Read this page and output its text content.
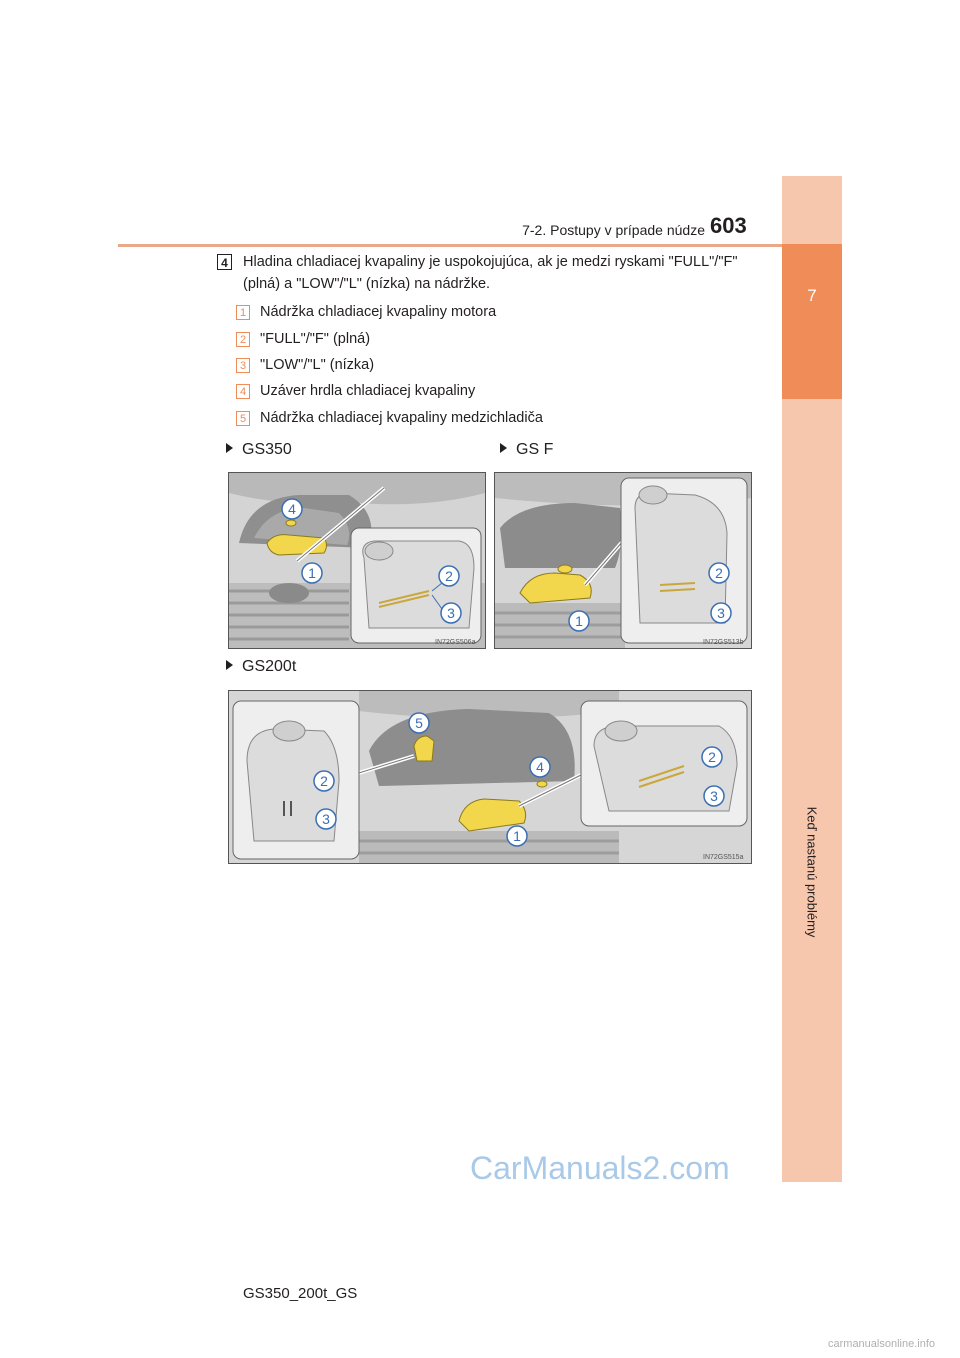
7-2. Postupy v prípade núdze 603
7
Keď nastanú problémy
4 Hladina chladiacej kvapaliny je uspokojujúca, ak je medzi ryskami "FULL"/"F" (plná) a "LOW"/"L" (nízka) na nádržke.
1 Nádržka chladiacej kvapaliny motora
2 "FULL"/"F" (plná)
3 "LOW"/"L" (nízka)
4 Uzáver hrdla chladiacej kvapaliny
5 Nádržka chladiacej kvapaliny medzichladiča
GS350	GS F
GS200t
1
4
2
3
IN72GS506a
1
2
3
IN72GS513b
5
1
4
2
3
2
3
IN72GS515a
CarManuals2.com
GS350_200t_GS
carmanualsonline.info
